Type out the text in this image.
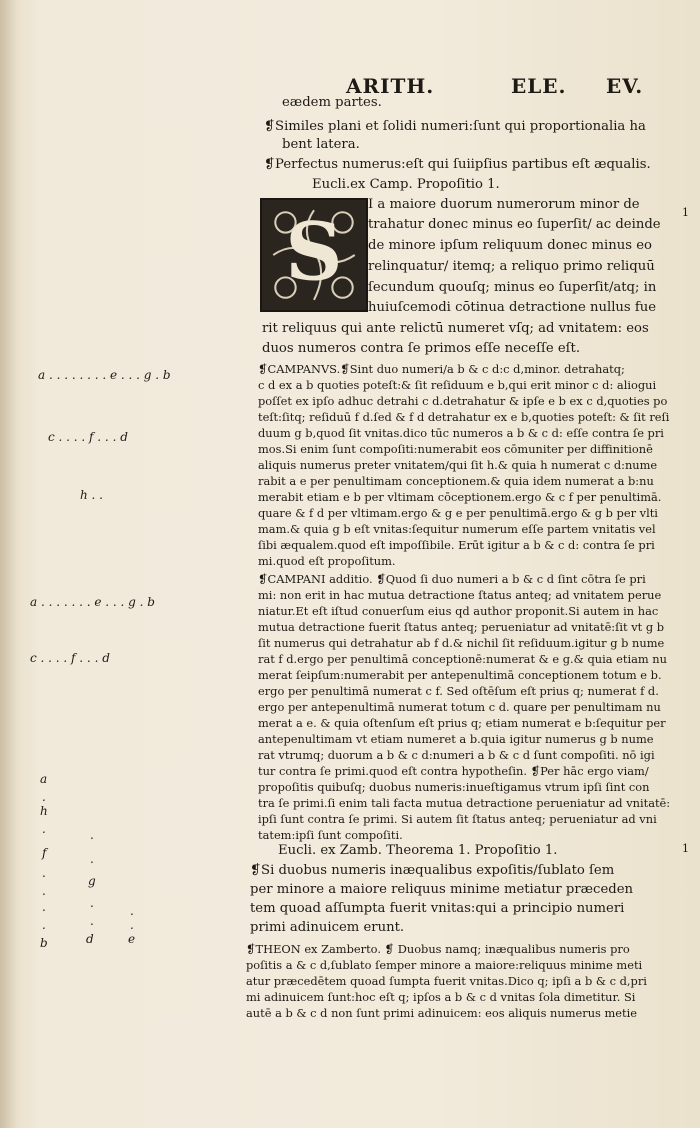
ARITH.	ELE. EV.
S
eædem partes.
❡Similes plani et ſolidi numeri:ſunt qui proportionalia ha
bent latera.
❡Perfectus numerus:eſt qui ſuiipſius partibus eſt æqualis.
Eucli.ex Camp. Propoſitio 1.
I a maiore duorum numerorum minor de
trahatur donec minus eo ſuperſit/ ac deinde
de minore ipſum reliquum donec minus eo
relinquatur/ itemq; a reliquo primo reliquū
ſecundum quouſq; minus eo ſuperſit/atq; in
huiuſcemodi cōtinua detractione nullus fue
rit reliquus qui ante relictū numeret vſq; ad vnitatem: eos
duos numeros contra ſe primos eſſe neceſſe eſt.
❡CAMPANVS.❡Sint duo numeri/a b & c d:c d,minor. detrahatq;
c d ex a b quoties poteſt:& ſit reſiduum e b,qui erit minor c d: aliogui
poſſet ex ipſo adhuc detrahi c d.detrahatur & ipſe e b ex c d,quoties po
teſt:ſitq; reſiduū f d.ſed & f d detrahatur ex e b,quoties poteſt: & ſit reſi
duum g b,quod ſit vnitas.dico tūc numeros a b & c d: eſſe contra ſe pri
mos.Si enim ſunt compoſiti:numerabit eos cōmuniter per diffinitionē
aliquis numerus preter vnitatem/qui ſit h.& quia h numerat c d:nume
rabit a e per penultimam conceptionem.& quia idem numerat a b:nu
merabit etiam e b per vltimam cōceptionem.ergo & c f per penultimā.
quare & f d per vltimam.ergo & g e per penultimā.ergo & g b per vlti
mam.& quia g b eſt vnitas:ſequitur numerum eſſe partem vnitatis vel
ſibi æqualem.quod eſt impoſſibile. Erūt igitur a b & c d: contra ſe pri
mi.quod eſt propoſitum.
❡CAMPANI additio. ❡Quod ſi duo numeri a b & c d ſint cōtra ſe pri
mi: non erit in hac mutua detractione ſtatus anteq; ad vnitatem perue
niatur.Et eſt iſtud conuerſum eius qd author proponit.Si autem in hac
mutua detractione fuerit ſtatus anteq; perueniatur ad vnitatē:ſit vt g b
ſit numerus qui detrahatur ab f d.& nichil ſit reſiduum.igitur g b nume
rat f d.ergo per penultimā conceptionē:numerat & e g.& quia etiam nu
merat ſeipſum:numerabit per antepenultimā conceptionem totum e b.
ergo per penultimā numerat c f. Sed oſtēſum eſt prius q; numerat f d.
ergo per antepenultimā numerat totum c d. quare per penultimam nu
merat a e. & quia oſtenſum eſt prius q; etiam numerat e b:ſequitur per
antepenultimam vt etiam numeret a b.quia igitur numerus g b nume
rat vtrumq; duorum a b & c d:numeri a b & c d ſunt compoſiti. nō igi
tur contra ſe primi.quod eſt contra hypotheſin. ❡Per hāc ergo viam/
propoſitis quibuſq; duobus numeris:inueſtigamus vtrum ipſi ſint con
tra ſe primi.ſi enim tali facta mutua detractione perueniatur ad vnitatē:
ipſi ſunt contra ſe primi. Si autem ſit ſtatus anteq; perueniatur ad vni
tatem:ipſi ſunt compoſiti.
Eucli. ex Zamb. Theorema 1. Propoſitio 1.
❡Si duobus numeris inæqualibus expoſitis/ſublato ſem
per minore a maiore reliquus minime metiatur præceden
tem quoad aſſumpta fuerit vnitas:qui a principio numeri
primi adinuicem erunt.
❡THEON ex Zamberto. ❡ Duobus namq; inæqualibus numeris pro
poſitis a & c d,ſublato ſemper minore a maiore:reliquus minime meti
atur præcedētem quoad ſumpta fuerit vnitas.Dico q; ipſi a b & c d,pri
mi adinuicem ſunt:hoc eſt q; ipſos a b & c d vnitas ſola dimetitur. Si
autē a b & c d non ſunt primi adinuicem: eos aliquis numerus metie
1
1
a . . . . . . . . e . . . g . b
c . . . . f . . . d
h . .
a . . . . . . . e . . . g . b
c . . . . f . . . d
a
.
h
.
f
.
.
.
.
b
.
.
g
.
.
d
.
.
e
